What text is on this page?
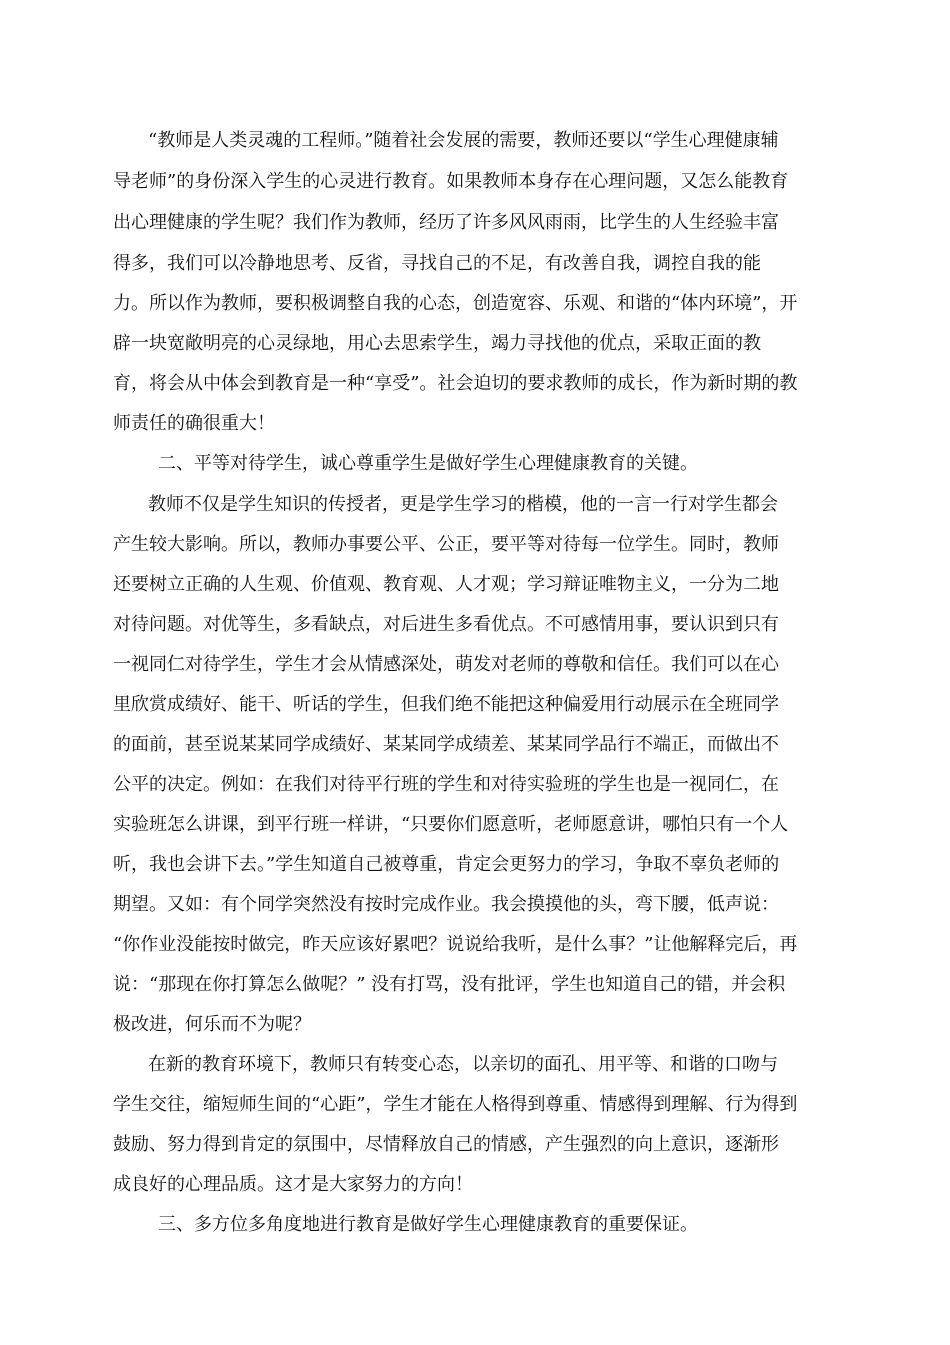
“教师是人类灵魂的工程师。”随着社会发展的需要，教师还要以“学生心理健康辅
导老师”的身份深入学生的心灵进行教育。如果教师本身存在心理问题，又怎么能教育
出心理健康的学生呢？我们作为教师，经历了许多风风雨雨，比学生的人生经验丰富
得多，我们可以冷静地思考、反省，寻找自己的不足，有改善自我，调控自我的能
力。所以作为教师，要积极调整自我的心态，创造宽容、乐观、和谐的“体内环境”，开
辟一块宽敞明亮的心灵绿地，用心去思索学生，竭力寻找他的优点，采取正面的教
育，将会从中体会到教育是一种“享受”。社会迫切的要求教师的成长，作为新时期的教
师责任的确很重大！
二、平等对待学生，诚心尊重学生是做好学生心理健康教育的关键。
教师不仅是学生知识的传授者，更是学生学习的楷模，他的一言一行对学生都会
产生较大影响。所以，教师办事要公平、公正，要平等对待每一位学生。同时，教师
还要树立正确的人生观、价值观、教育观、人才观；学习辩证唯物主义，一分为二地
对待问题。对优等生，多看缺点，对后进生多看优点。不可感情用事，要认识到只有
一视同仁对待学生，学生才会从情感深处，萌发对老师的尊敬和信任。我们可以在心
里欣赏成绩好、能干、听话的学生，但我们绝不能把这种偏爱用行动展示在全班同学
的面前，甚至说某某同学成绩好、某某同学成绩差、某某同学品行不端正，而做出不
公平的决定。例如：在我们对待平行班的学生和对待实验班的学生也是一视同仁，在
实验班怎么讲课，到平行班一样讲，“只要你们愿意听，老师愿意讲，哪怕只有一个人
听，我也会讲下去。”学生知道自己被尊重，肯定会更努力的学习，争取不辜负老师的
期望。又如：有个同学突然没有按时完成作业。我会摸摸他的头，弯下腰，低声说：
“你作业没能按时做完，昨天应该好累吧？说说给我听，是什么事？”让他解释完后，再
说：“那现在你打算怎么做呢？” 没有打骂，没有批评，学生也知道自己的错，并会积
极改进，何乐而不为呢？
在新的教育环境下，教师只有转变心态，以亲切的面孔、用平等、和谐的口吻与
学生交往，缩短师生间的“心距”，学生才能在人格得到尊重、情感得到理解、行为得到
鼓励、努力得到肯定的氛围中，尽情释放自己的情感，产生强烈的向上意识，逐渐形
成良好的心理品质。这才是大家努力的方向！
三、多方位多角度地进行教育是做好学生心理健康教育的重要保证。
